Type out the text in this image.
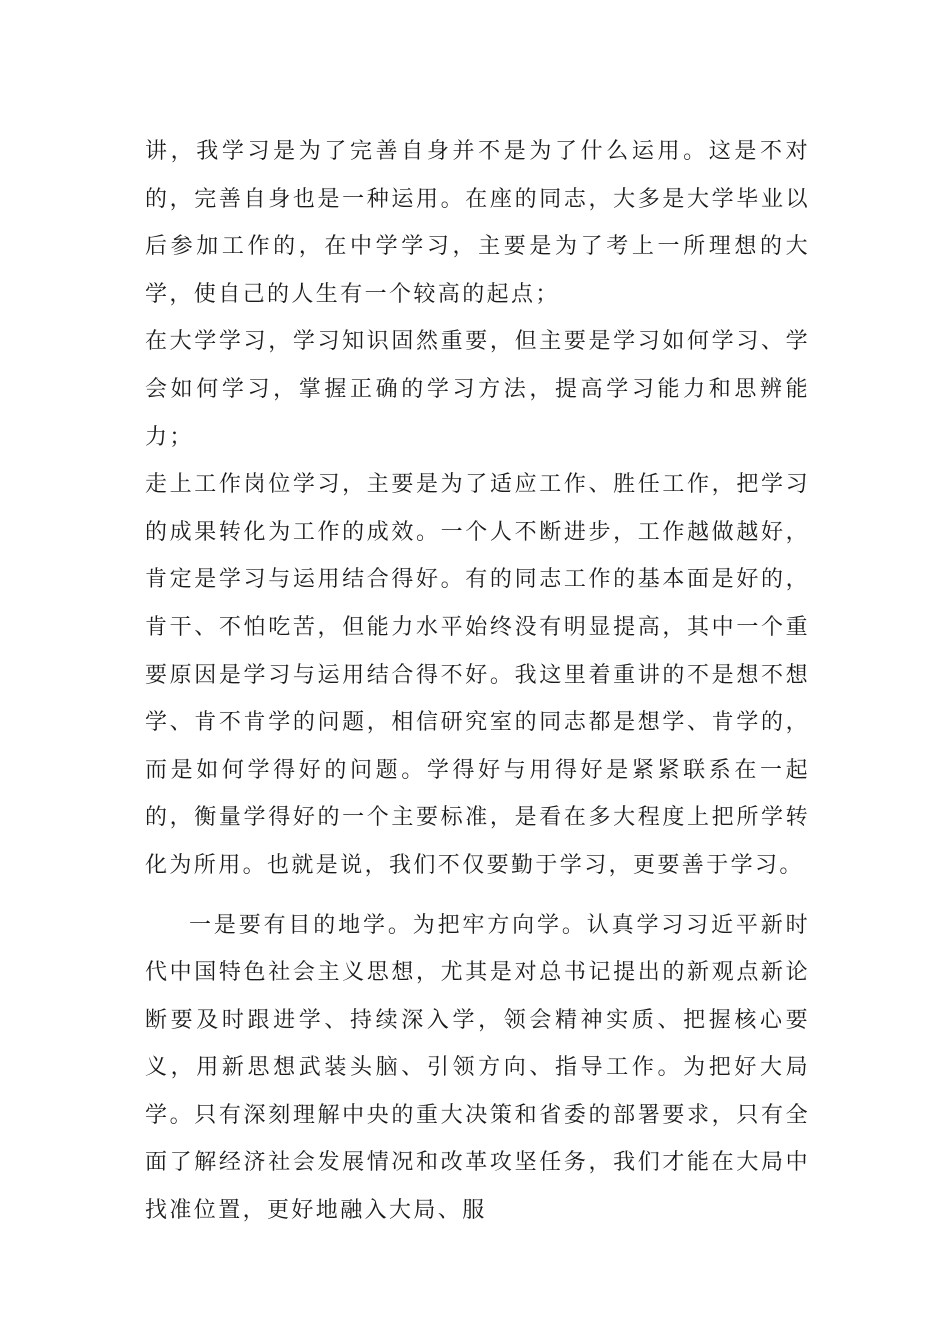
讲，我学习是为了完善自身并不是为了什么运用。这是不对的，完善自身也是一种运用。在座的同志，大多是大学毕业以后参加工作的，在中学学习，主要是为了考上一所理想的大学，使自己的人生有一个较高的起点；

在大学学习，学习知识固然重要，但主要是学习如何学习、学会如何学习，掌握正确的学习方法，提高学习能力和思辨能力；

走上工作岗位学习，主要是为了适应工作、胜任工作，把学习的成果转化为工作的成效。一个人不断进步，工作越做越好，肯定是学习与运用结合得好。有的同志工作的基本面是好的，肯干、不怕吃苦，但能力水平始终没有明显提高，其中一个重要原因是学习与运用结合得不好。我这里着重讲的不是想不想学、肯不肯学的问题，相信研究室的同志都是想学、肯学的，而是如何学得好的问题。学得好与用得好是紧紧联系在一起的，衡量学得好的一个主要标准，是看在多大程度上把所学转化为所用。也就是说，我们不仅要勤于学习，更要善于学习。

一是要有目的地学。为把牢方向学。认真学习习近平新时代中国特色社会主义思想，尤其是对总书记提出的新观点新论断要及时跟进学、持续深入学，领会精神实质、把握核心要义，用新思想武装头脑、引领方向、指导工作。为把好大局学。只有深刻理解中央的重大决策和省委的部署要求，只有全面了解经济社会发展情况和改革攻坚任务，我们才能在大局中找准位置，更好地融入大局、服
